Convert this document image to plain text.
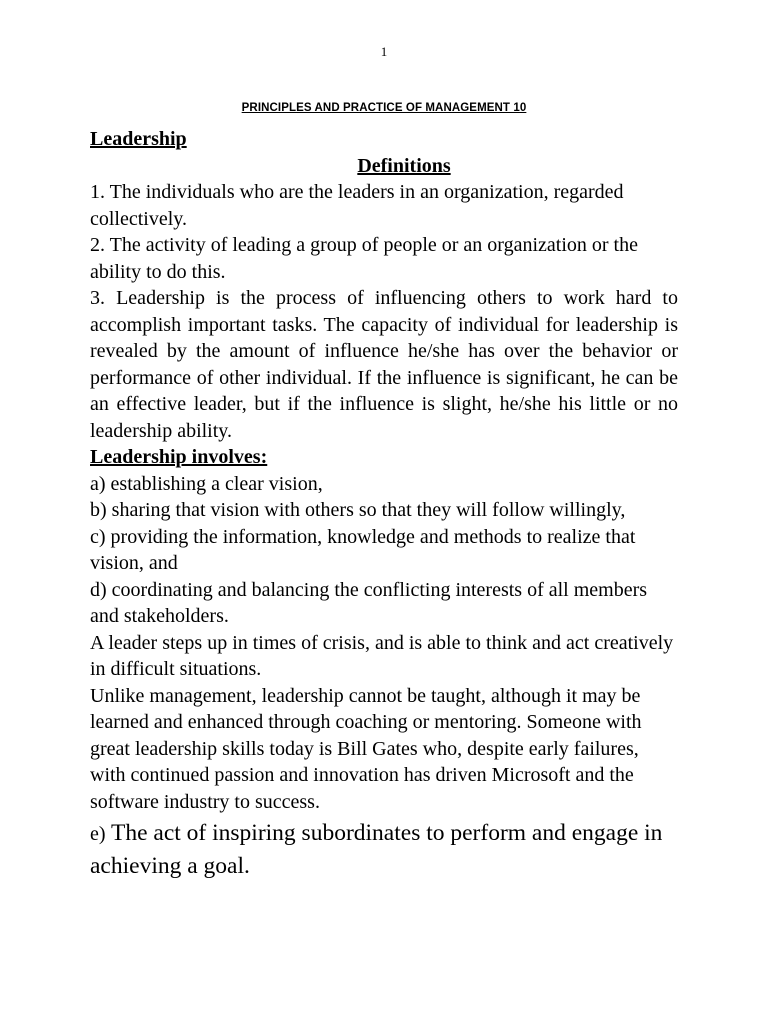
1
PRINCIPLES AND PRACTICE OF MANAGEMENT 10
Leadership
Definitions

1. The individuals who are the leaders in an organization, regarded collectively.

2. The activity of leading a group of people or an organization or the ability to do this.

3. Leadership is the process of influencing others to work hard to accomplish important tasks. The capacity of individual for leadership is revealed by the amount of influence he/she has over the behavior or performance of other individual. If the influence is significant, he can be an effective leader, but if the influence is slight, he/she his little or no leadership ability.

Leadership involves:

a) establishing a clear vision,

b) sharing that vision with others so that they will follow willingly,

c) providing the information, knowledge and methods to realize that vision, and

d) coordinating and balancing the conflicting interests of all members and stakeholders.

A leader steps up in times of crisis, and is able to think and act creatively in difficult situations.

Unlike management, leadership cannot be taught, although it may be learned and enhanced through coaching or mentoring. Someone with great leadership skills today is Bill Gates who, despite early failures, with continued passion and innovation has driven Microsoft and the software industry to success.

e) The act of inspiring subordinates to perform and engage in achieving a goal.
